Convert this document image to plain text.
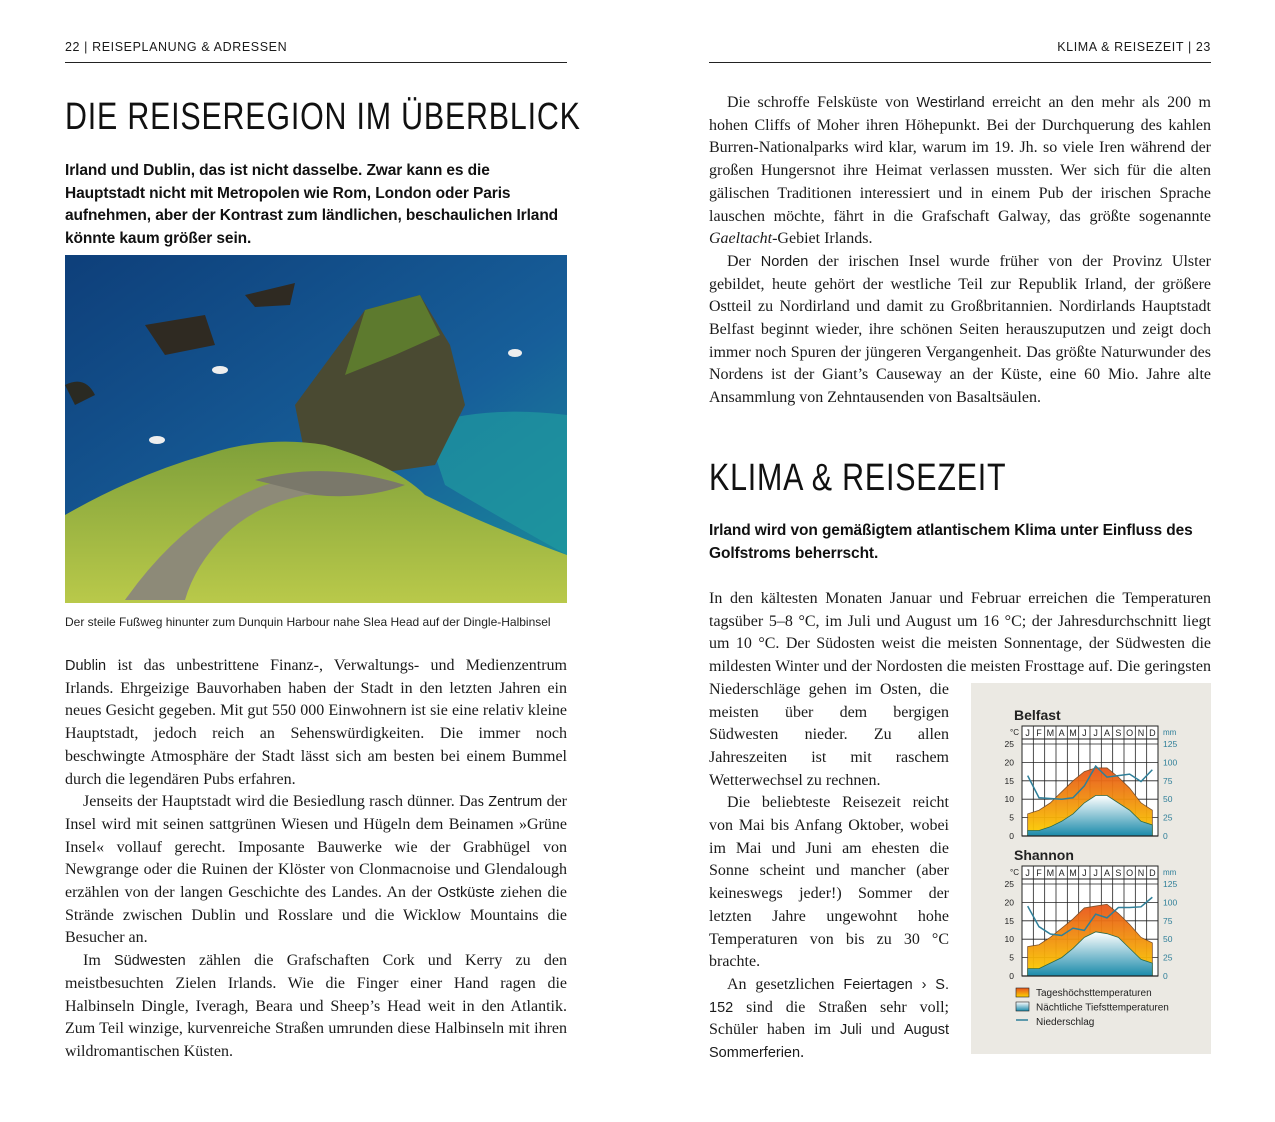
22 | REISEPLANUNG & ADRESSEN
DIE REISEREGION IM ÜBERBLICK
Irland und Dublin, das ist nicht dasselbe. Zwar kann es die Hauptstadt nicht mit Metropolen wie Rom, London oder Paris aufnehmen, aber der Kontrast zum ländlichen, beschaulichen Irland könnte kaum größer sein.
Der steile Fußweg hinunter zum Dunquin Harbour nahe Slea Head auf der Dingle-Halbinsel

Dublin ist das unbestrittene Finanz-, Verwaltungs- und Medienzentrum Irlands. Ehrgeizige Bauvorhaben haben der Stadt in den letzten Jahren ein neues Gesicht gegeben. Mit gut 550 000 Einwohnern ist sie eine relativ kleine Hauptstadt, jedoch reich an Sehenswürdigkeiten. Die immer noch beschwingte Atmosphäre der Stadt lässt sich am besten bei einem Bummel durch die legendären Pubs erfahren.

Jenseits der Hauptstadt wird die Besiedlung rasch dünner. Das Zentrum der Insel wird mit seinen sattgrünen Wiesen und Hügeln dem Beinamen »Grüne Insel« vollauf gerecht. Imposante Bauwerke wie der Grabhügel von Newgrange oder die Ruinen der Klöster von Clonmacnoise und Glendalough erzählen von der langen Geschichte des Landes. An der Ostküste ziehen die Strände zwischen Dublin und Rosslare und die Wicklow Mountains die Besucher an.

Im Südwesten zählen die Grafschaften Cork und Kerry zu den meistbesuchten Zielen Irlands. Wie die Finger einer Hand ragen die Halbinseln Dingle, Iveragh, Beara und Sheep’s Head weit in den Atlantik. Zum Teil winzige, kurvenreiche Straßen umrunden diese Halbinseln mit ihren wildromantischen Küsten.

KLIMA & REISEZEIT | 23

Die schroffe Felsküste von Westirland erreicht an den mehr als 200 m hohen Cliffs of Moher ihren Höhepunkt. Bei der Durchquerung des kahlen Burren-Nationalparks wird klar, warum im 19. Jh. so viele Iren während der großen Hungersnot ihre Heimat verlassen mussten. Wer sich für die alten gälischen Traditionen interessiert und in einem Pub der irischen Sprache lauschen möchte, fährt in die Grafschaft Galway, das größte sogenannte Gaeltacht-Gebiet Irlands.

Der Norden der irischen Insel wurde früher von der Provinz Ulster gebildet, heute gehört der westliche Teil zur Republik Irland, der größere Ostteil zu Nordirland und damit zu Großbritannien. Nordirlands Hauptstadt Belfast beginnt wieder, ihre schönen Seiten herauszuputzen und zeigt doch immer noch Spuren der jüngeren Vergangenheit. Das größte Naturwunder des Nordens ist der Giant’s Causeway an der Küste, eine 60 Mio. Jahre alte Ansammlung von Zehntausenden von Basaltsäulen.

KLIMA & REISEZEIT
Irland wird von gemäßigtem atlantischem Klima unter Einfluss des Golfstroms beherrscht.
Belfast
J F M A M J J A S O N D
°C	mm
0
5
10
15
20
25
0
25
50
75
100
125
Shannon
J F M A M J J A S O N D
°C	mm
0
5
10
15
20
25
0
25
50
75
100
125
Tageshöchsttemperaturen
Nächtliche Tiefsttemperaturen
Niederschlag

In den kältesten Monaten Januar und Februar erreichen die Temperaturen tagsüber 5–8 °C, im Juli und August um 16 °C; der Jahresdurchschnitt liegt um 10 °C. Der Südosten weist die meisten Sonnentage, der Südwesten die mildesten Winter und der Nordosten die meisten Frosttage auf. Die geringsten Niederschläge gehen im Osten, die meisten über dem bergigen Südwesten nieder. Zu allen Jahreszeiten ist mit raschem Wetterwechsel zu rechnen.

Die beliebteste Reisezeit reicht von Mai bis Anfang Oktober, wobei im Mai und Juni am ehesten die Sonne scheint und mancher (aber keineswegs jeder!) Sommer der letzten Jahre ungewohnt hohe Temperaturen von bis zu 30 °C brachte.

An gesetzlichen Feiertagen › S. 152 sind die Straßen sehr voll; Schüler haben im Juli und August Sommerferien.
